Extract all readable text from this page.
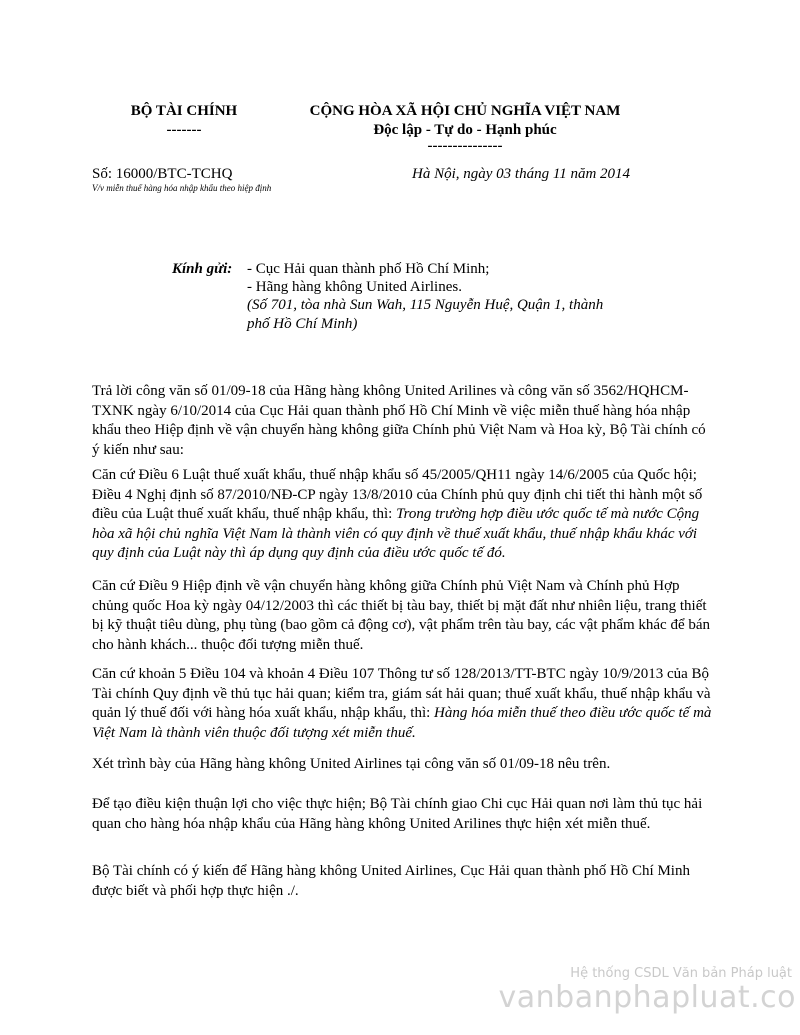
BỘ TÀI CHÍNH
-------
CỘNG HÒA XÃ HỘI CHỦ NGHĨA VIỆT NAM
Độc lập - Tự do - Hạnh phúc
---------------
Số: 16000/BTC-TCHQ
V/v miễn thuế hàng hóa nhập khẩu theo hiệp định
Hà Nội, ngày 03 tháng 11 năm 2014
Kính gửi: - Cục Hải quan thành phố Hồ Chí Minh;
- Hãng hàng không United Airlines.
(Số 701, tòa nhà Sun Wah, 115 Nguyễn Huệ, Quận 1, thành phố Hồ Chí Minh)

Trả lời công văn số 01/09-18 của Hãng hàng không United Arilines và công văn số 3562/HQHCM-TXNK ngày 6/10/2014 của Cục Hải quan thành phố Hồ Chí Minh về việc miễn thuế hàng hóa nhập khẩu theo Hiệp định về vận chuyển hàng không giữa Chính phủ Việt Nam và Hoa kỳ, Bộ Tài chính có ý kiến như sau:

Căn cứ Điều 6 Luật thuế xuất khẩu, thuế nhập khẩu số 45/2005/QH11 ngày 14/6/2005 của Quốc hội; Điều 4 Nghị định số 87/2010/NĐ-CP ngày 13/8/2010 của Chính phủ quy định chi tiết thi hành một số điều của Luật thuế xuất khẩu, thuế nhập khẩu, thì: Trong trường hợp điều ước quốc tế mà nước Cộng hòa xã hội chủ nghĩa Việt Nam là thành viên có quy định về thuế xuất khẩu, thuế nhập khẩu khác với quy định của Luật này thì áp dụng quy định của điều ước quốc tế đó.

Căn cứ Điều 9 Hiệp định về vận chuyển hàng không giữa Chính phủ Việt Nam và Chính phủ Hợp chủng quốc Hoa kỳ ngày 04/12/2003 thì các thiết bị tàu bay, thiết bị mặt đất như nhiên liệu, trang thiết bị kỹ thuật tiêu dùng, phụ tùng (bao gồm cả động cơ), vật phẩm trên tàu bay, các vật phẩm khác để bán cho hành khách... thuộc đối tượng miễn thuế.

Căn cứ khoản 5 Điều 104 và khoản 4 Điều 107 Thông tư số 128/2013/TT-BTC ngày 10/9/2013 của Bộ Tài chính Quy định về thủ tục hải quan; kiểm tra, giám sát hải quan; thuế xuất khẩu, thuế nhập khẩu và quản lý thuế đối với hàng hóa xuất khẩu, nhập khẩu, thì: Hàng hóa miễn thuế theo điều ước quốc tế mà Việt Nam là thành viên thuộc đối tượng xét miễn thuế.

Xét trình bày của Hãng hàng không United Airlines tại công văn số 01/09-18 nêu trên.

Để tạo điều kiện thuận lợi cho việc thực hiện; Bộ Tài chính giao Chi cục Hải quan nơi làm thủ tục hải quan cho hàng hóa nhập khẩu của Hãng hàng không United Arilines thực hiện xét miễn thuế.

Bộ Tài chính có ý kiến để Hãng hàng không United Airlines, Cục Hải quan thành phố Hồ Chí Minh được biết và phối hợp thực hiện ./.

Hệ thống CSDL Văn bản Pháp luật
vanbanphapluat.co
